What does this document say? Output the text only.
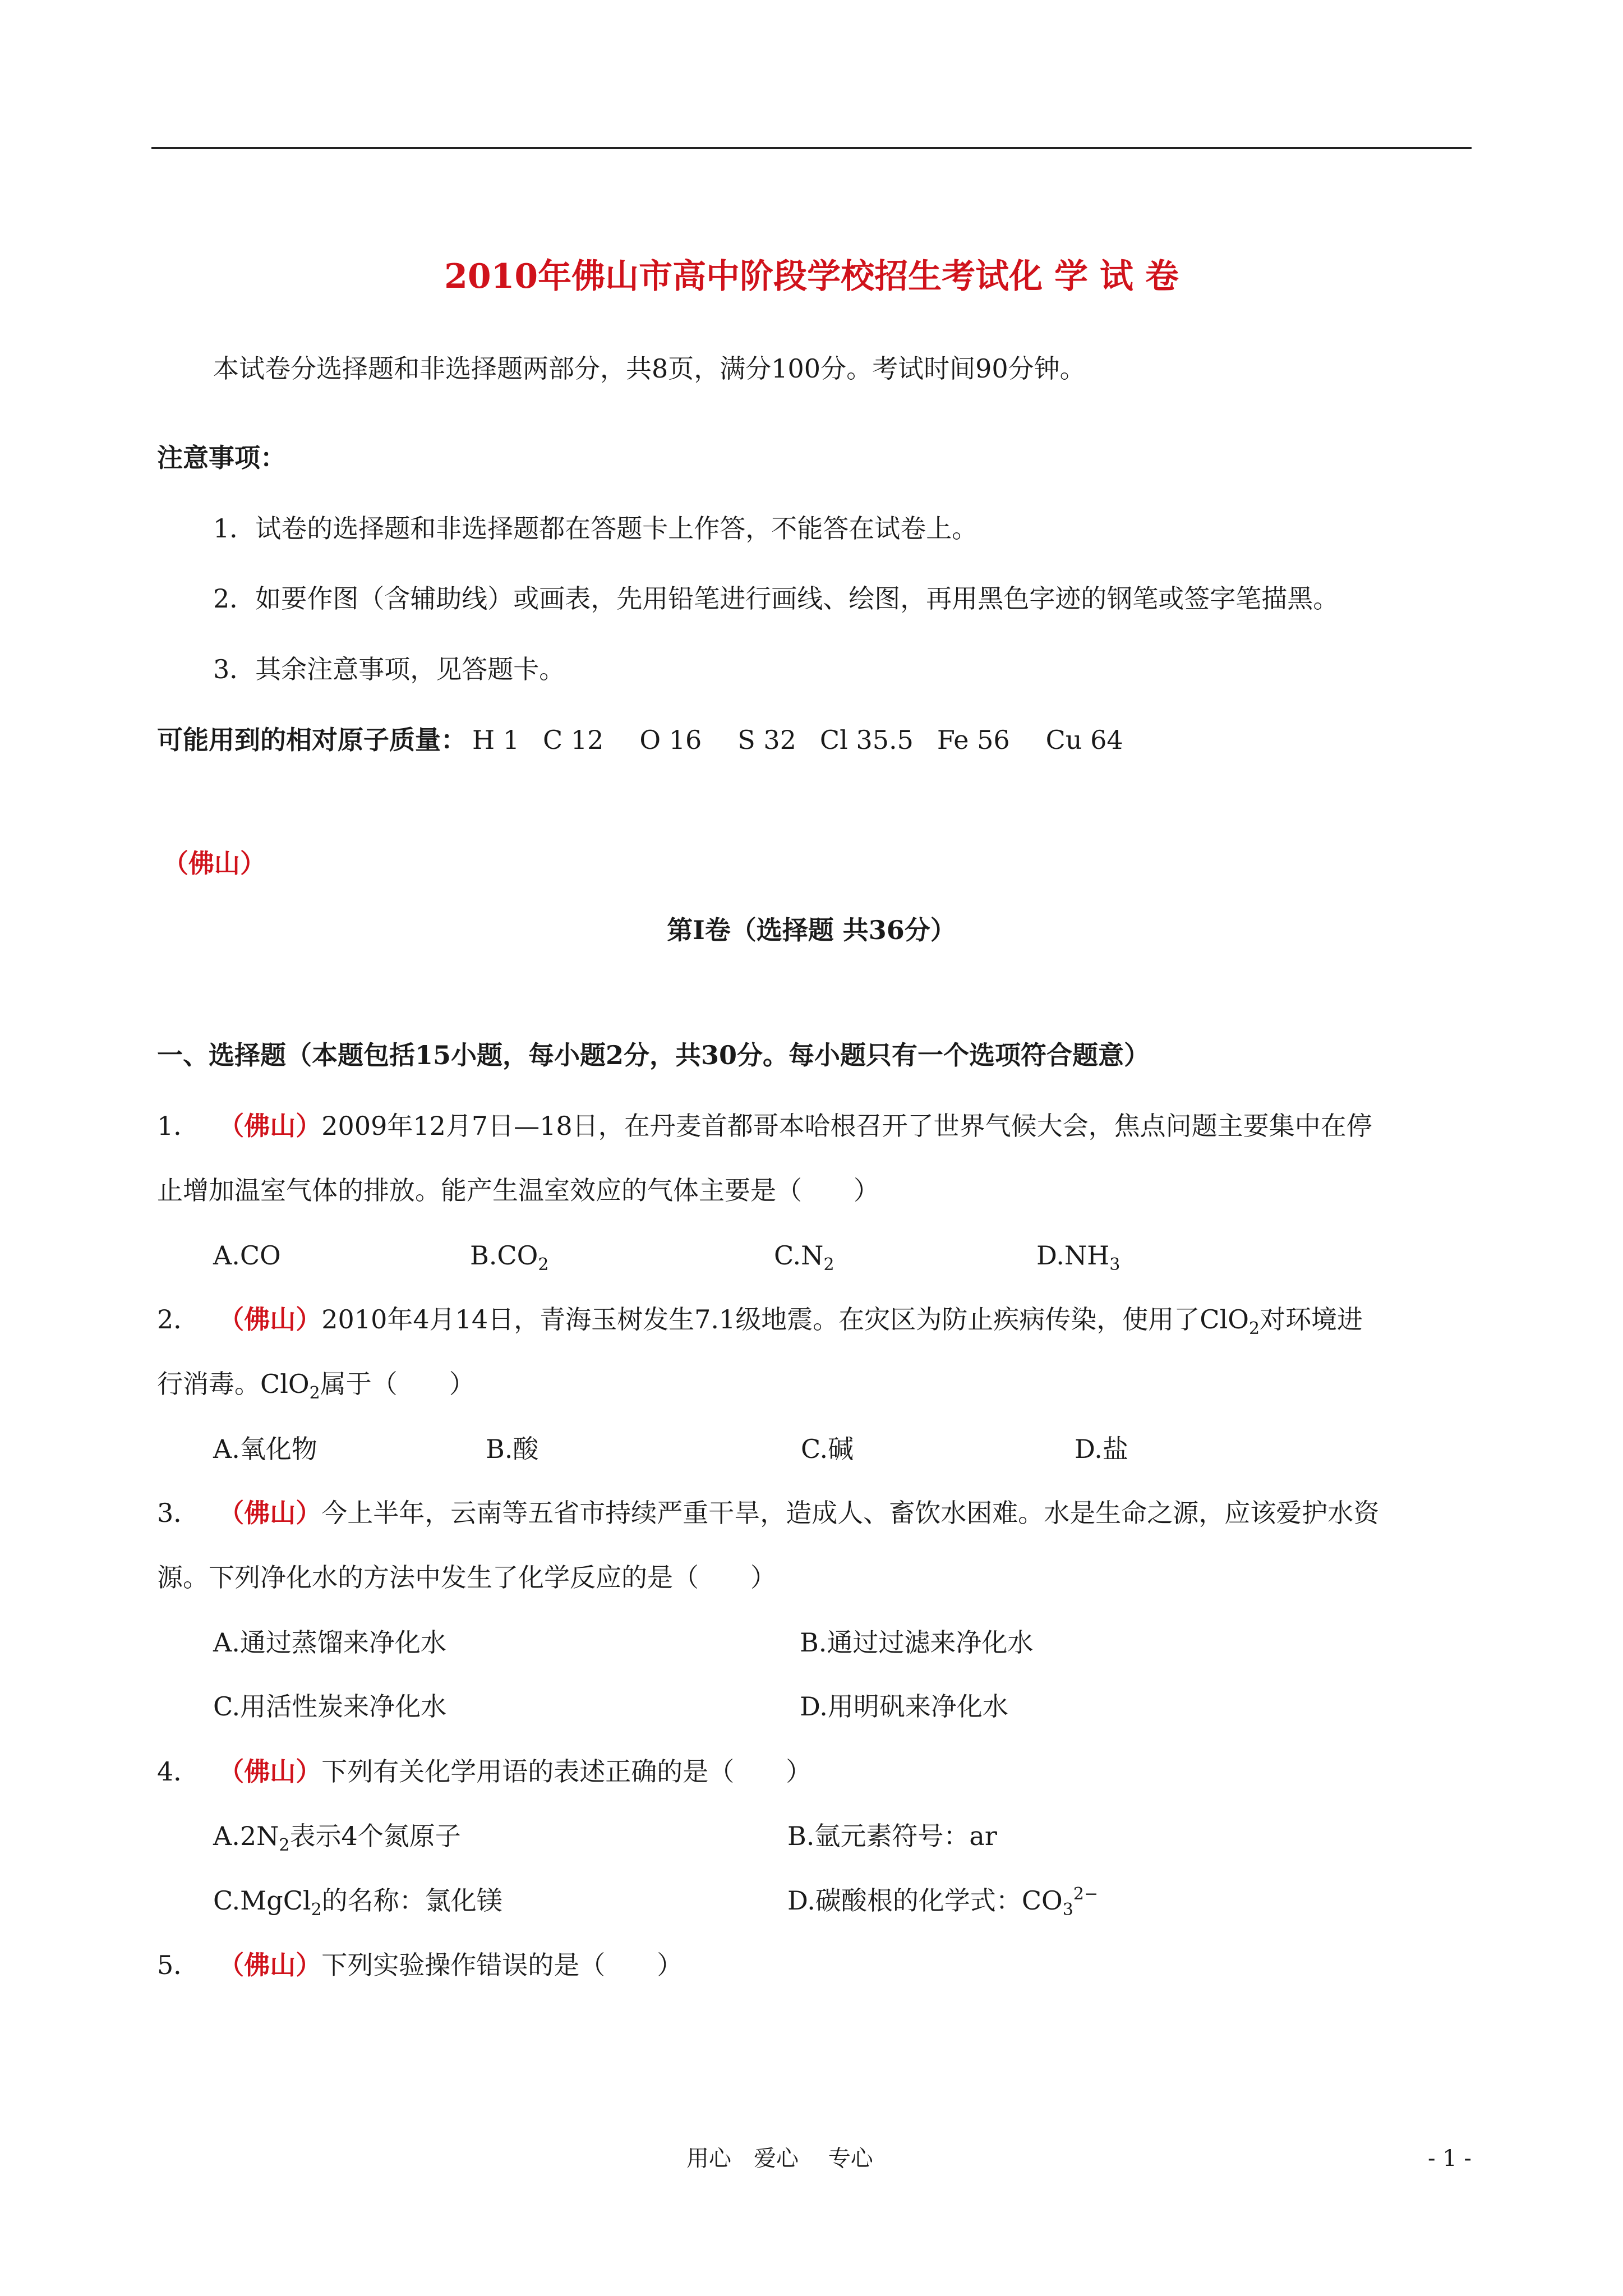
2010年佛山市高中阶段学校招生考试化 学 试 卷
本试卷分选择题和非选择题两部分，共8页，满分100分。考试时间90分钟。
注意事项：
1．试卷的选择题和非选择题都在答题卡上作答，不能答在试卷上。
2．如要作图（含辅助线）或画表，先用铅笔进行画线、绘图，再用黑色字迹的钢笔或签字笔描黑。
3．其余注意事项，见答题卡。
可能用到的相对原子质量： H 1 C 12 O 16 S 32 Cl 35.5 Fe 56 Cu 64
（佛山）
第Ⅰ卷（选择题 共36分）
一、选择题（本题包括15小题，每小题2分，共30分。每小题只有一个选项符合题意）
1． （佛山）2009年12月7日—18日，在丹麦首都哥本哈根召开了世界气候大会，焦点问题主要集中在停
止增加温室气体的排放。能产生温室效应的气体主要是（　　）
A.CO	$B.CO_2$	$C.N_2$	$D.NH_3$
2． （佛山）2010年4月14日，青海玉树发生7.1级地震。在灾区为防止疾病传染，使用了ClO$_2$对环境进
行消毒。ClO$_2$属于（　　）
A.氧化物	B.酸	C.碱	D.盐
3． （佛山）今上半年，云南等五省市持续严重干旱，造成人、畜饮水困难。水是生命之源，应该爱护水资
源。下列净化水的方法中发生了化学反应的是（　　）
A.通过蒸馏来净化水	B.通过过滤来净化水
C.用活性炭来净化水	D.用明矾来净化水
4． （佛山）下列有关化学用语的表述正确的是（　　）
$A.2N_2$表示4个氮原子	B.氩元素符号：ar
C.MgCl$_2$的名称：氯化镁	D.碳酸根的化学式：$CO_3^{2-}$
5． （佛山）下列实验操作错误的是（　　）
用心　爱心　 专心	- 1 -
